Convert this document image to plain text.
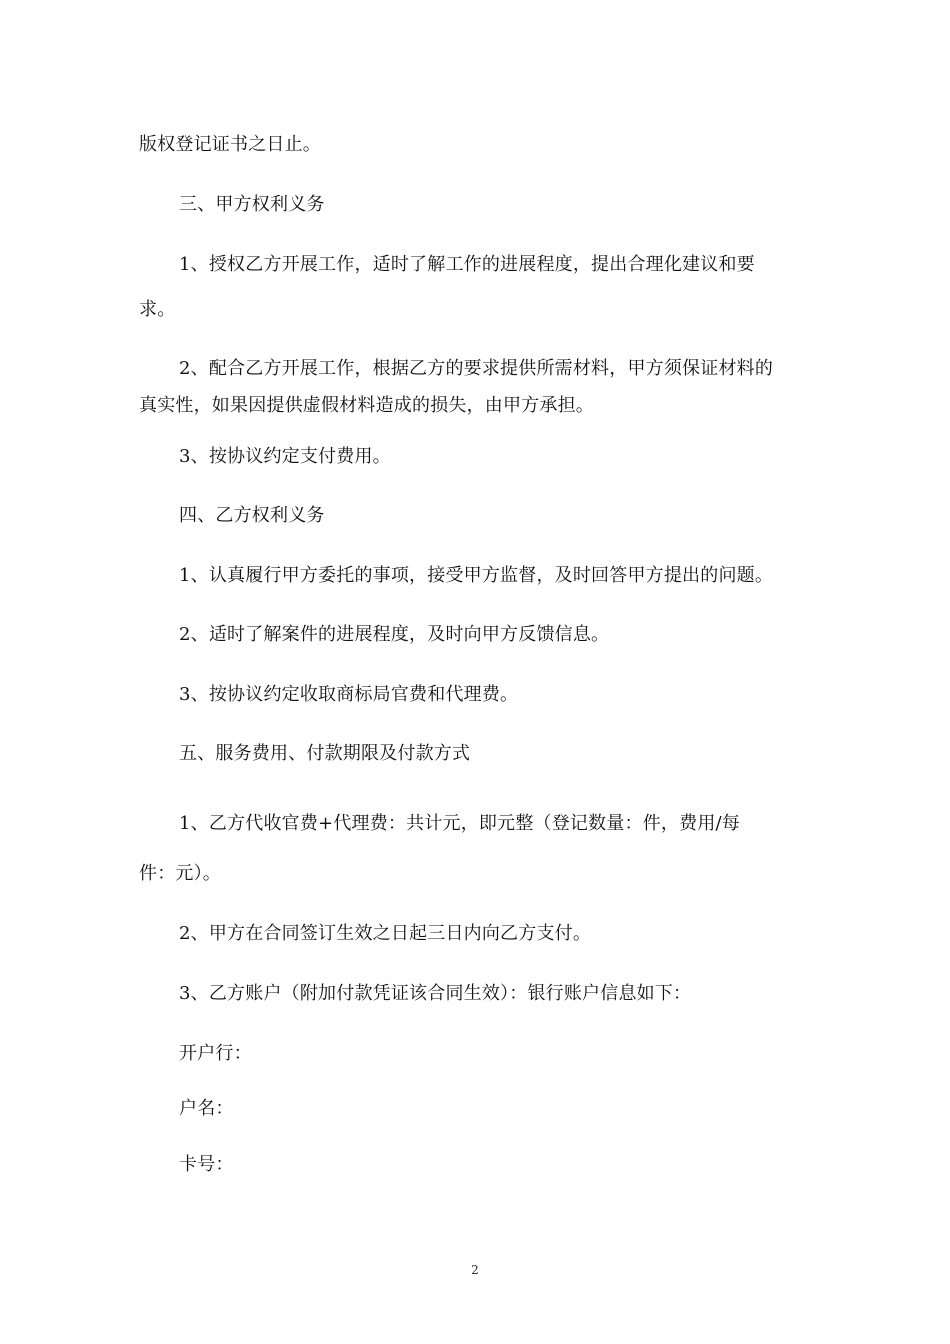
版权登记证书之日止。
三、甲方权利义务
1、授权乙方开展工作，适时了解工作的进展程度，提出合理化建议和要
求。
2、配合乙方开展工作，根据乙方的要求提供所需材料，甲方须保证材料的
真实性，如果因提供虚假材料造成的损失，由甲方承担。
3、按协议约定支付费用。
四、乙方权利义务
1、认真履行甲方委托的事项，接受甲方监督，及时回答甲方提出的问题。
2、适时了解案件的进展程度，及时向甲方反馈信息。
3、按协议约定收取商标局官费和代理费。
五、服务费用、付款期限及付款方式
1、乙方代收官费+代理费：共计元，即元整（登记数量：件，费用/每
件：元）。
2、甲方在合同签订生效之日起三日内向乙方支付。
3、乙方账户（附加付款凭证该合同生效）：银行账户信息如下：
开户行：
户名：
卡号：
2
